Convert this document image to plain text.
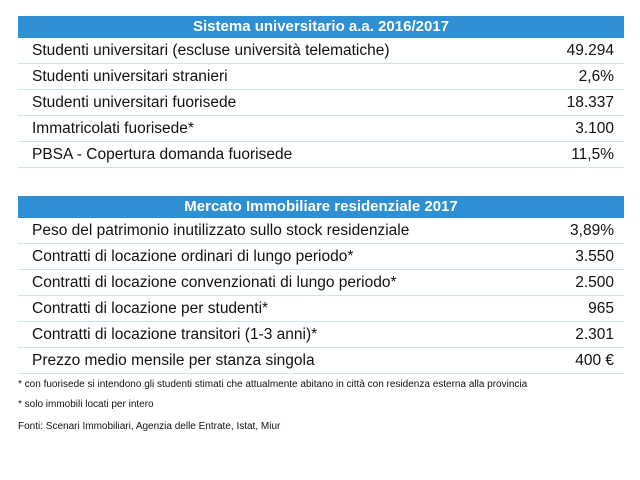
Sistema universitario a.a. 2016/2017
Studenti universitari (escluse università telematiche)	49.294
Studenti universitari stranieri	2,6%
Studenti universitari fuorisede	18.337
Immatricolati fuorisede*	3.100
PBSA - Copertura domanda fuorisede	11,5%
Mercato Immobiliare residenziale 2017
Peso del patrimonio inutilizzato sullo stock residenziale	3,89%
Contratti di locazione ordinari di lungo periodo*	3.550
Contratti di locazione convenzionati di lungo periodo*	2.500
Contratti di locazione per studenti*	965
Contratti di locazione transitori (1-3 anni)*	2.301
Prezzo medio mensile per stanza singola	400 €
* con fuorisede si intendono gli studenti stimati che attualmente abitano in città con residenza esterna alla provincia
* solo immobili locati per intero
Fonti: Scenari Immobiliari, Agenzia delle Entrate, Istat, Miur
